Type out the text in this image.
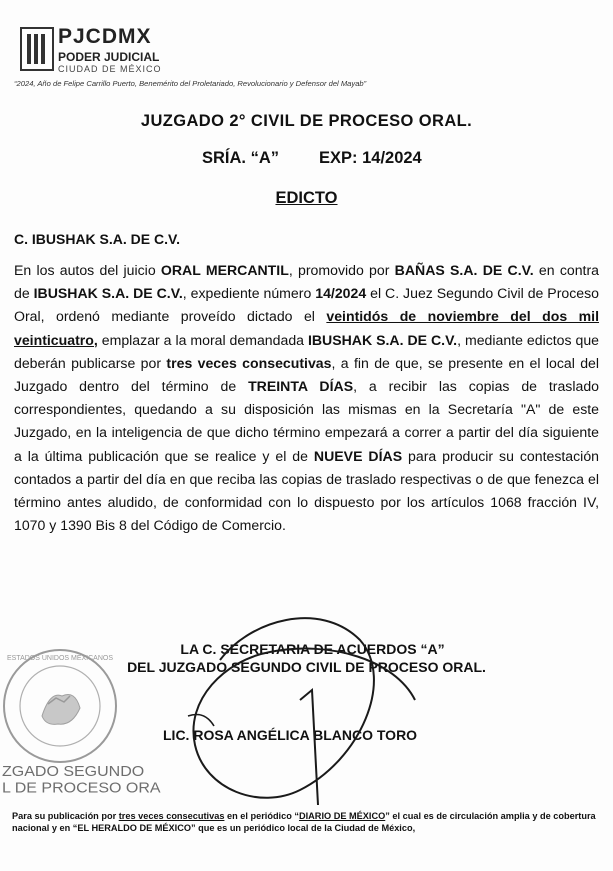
PJCDMX
PODER JUDICIAL
CIUDAD DE MÉXICO
“2024, Año de Felipe Carrillo Puerto, Benemérito del Proletariado, Revolucionario y Defensor del Mayab”
JUZGADO 2° CIVIL DE PROCESO ORAL.
SRÍA. “A” EXP: 14/2024
EDICTO
C. IBUSHAK S.A. DE C.V.
En los autos del juicio ORAL MERCANTIL, promovido por BAÑAS S.A. DE C.V. en contra de IBUSHAK S.A. DE C.V., expediente número 14/2024 el C. Juez Segundo Civil de Proceso Oral, ordenó mediante proveído dictado el veintidós de noviembre del dos mil veinticuatro, emplazar a la moral demandada IBUSHAK S.A. DE C.V., mediante edictos que deberán publicarse por tres veces consecutivas, a fin de que, se presente en el local del Juzgado dentro del término de TREINTA DÍAS, a recibir las copias de traslado correspondientes, quedando a su disposición las mismas en la Secretaría "A" de este Juzgado, en la inteligencia de que dicho término empezará a correr a partir del día siguiente a la última publicación que se realice y el de NUEVE DÍAS para producir su contestación contados a partir del día en que reciba las copias de traslado respectivas o de que fenezca el término antes aludido, de conformidad con lo dispuesto por los artículos 1068 fracción IV, 1070 y 1390 Bis 8 del Código de Comercio.
ESTADOS UNIDOS MEXICANOS
ZGADO SEGUNDO
L DE PROCESO ORA
LA C. SECRETARIA DE ACUERDOS “A”
DEL JUZGADO SEGUNDO CIVIL DE PROCESO ORAL.
LIC. ROSA ANGÉLICA BLANCO TORO
Para su publicación por tres veces consecutivas en el periódico “DIARIO DE MÉXICO” el cual es de circulación amplia y de cobertura nacional y en “EL HERALDO DE MÉXICO” que es un periódico local de la Ciudad de México,
